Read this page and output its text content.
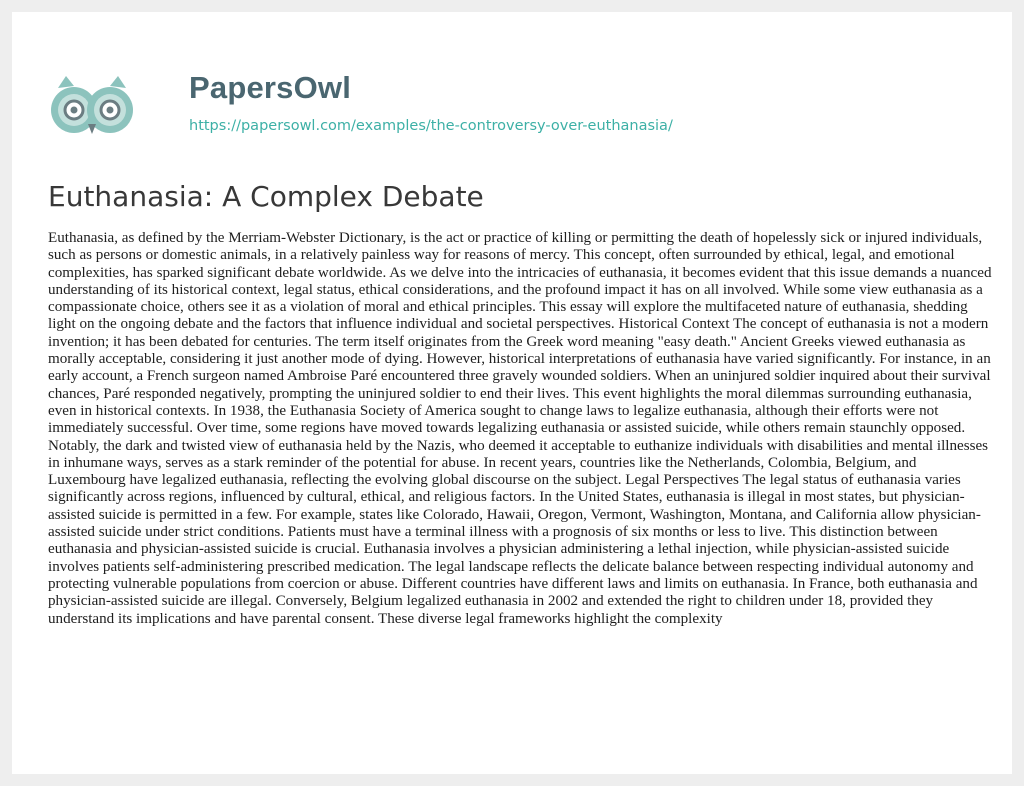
PapersOwl
https://papersowl.com/examples/the-controversy-over-euthanasia/
Euthanasia: A Complex Debate

Euthanasia, as defined by the Merriam-Webster Dictionary, is the act or practice of killing or permitting the death of hopelessly sick or injured individuals, such as persons or domestic animals, in a relatively painless way for reasons of mercy. This concept, often surrounded by ethical, legal, and emotional complexities, has sparked significant debate worldwide. As we delve into the intricacies of euthanasia, it becomes evident that this issue demands a nuanced understanding of its historical context, legal status, ethical considerations, and the profound impact it has on all involved. While some view euthanasia as a compassionate choice, others see it as a violation of moral and ethical principles. This essay will explore the multifaceted nature of euthanasia, shedding light on the ongoing debate and the factors that influence individual and societal perspectives. Historical Context The concept of euthanasia is not a modern invention; it has been debated for centuries. The term itself originates from the Greek word meaning "easy death." Ancient Greeks viewed euthanasia as morally acceptable, considering it just another mode of dying. However, historical interpretations of euthanasia have varied significantly. For instance, in an early account, a French surgeon named Ambroise Paré encountered three gravely wounded soldiers. When an uninjured soldier inquired about their survival chances, Paré responded negatively, prompting the uninjured soldier to end their lives. This event highlights the moral dilemmas surrounding euthanasia, even in historical contexts. In 1938, the Euthanasia Society of America sought to change laws to legalize euthanasia, although their efforts were not immediately successful. Over time, some regions have moved towards legalizing euthanasia or assisted suicide, while others remain staunchly opposed. Notably, the dark and twisted view of euthanasia held by the Nazis, who deemed it acceptable to euthanize individuals with disabilities and mental illnesses in inhumane ways, serves as a stark reminder of the potential for abuse. In recent years, countries like the Netherlands, Colombia, Belgium, and Luxembourg have legalized euthanasia, reflecting the evolving global discourse on the subject. Legal Perspectives The legal status of euthanasia varies significantly across regions, influenced by cultural, ethical, and religious factors. In the United States, euthanasia is illegal in most states, but physician-assisted suicide is permitted in a few. For example, states like Colorado, Hawaii, Oregon, Vermont, Washington, Montana, and California allow physician-assisted suicide under strict conditions. Patients must have a terminal illness with a prognosis of six months or less to live. This distinction between euthanasia and physician-assisted suicide is crucial. Euthanasia involves a physician administering a lethal injection, while physician-assisted suicide involves patients self-administering prescribed medication. The legal landscape reflects the delicate balance between respecting individual autonomy and protecting vulnerable populations from coercion or abuse. Different countries have different laws and limits on euthanasia. In France, both euthanasia and physician-assisted suicide are illegal. Conversely, Belgium legalized euthanasia in 2002 and extended the right to children under 18, provided they understand its implications and have parental consent. These diverse legal frameworks highlight the complexity
